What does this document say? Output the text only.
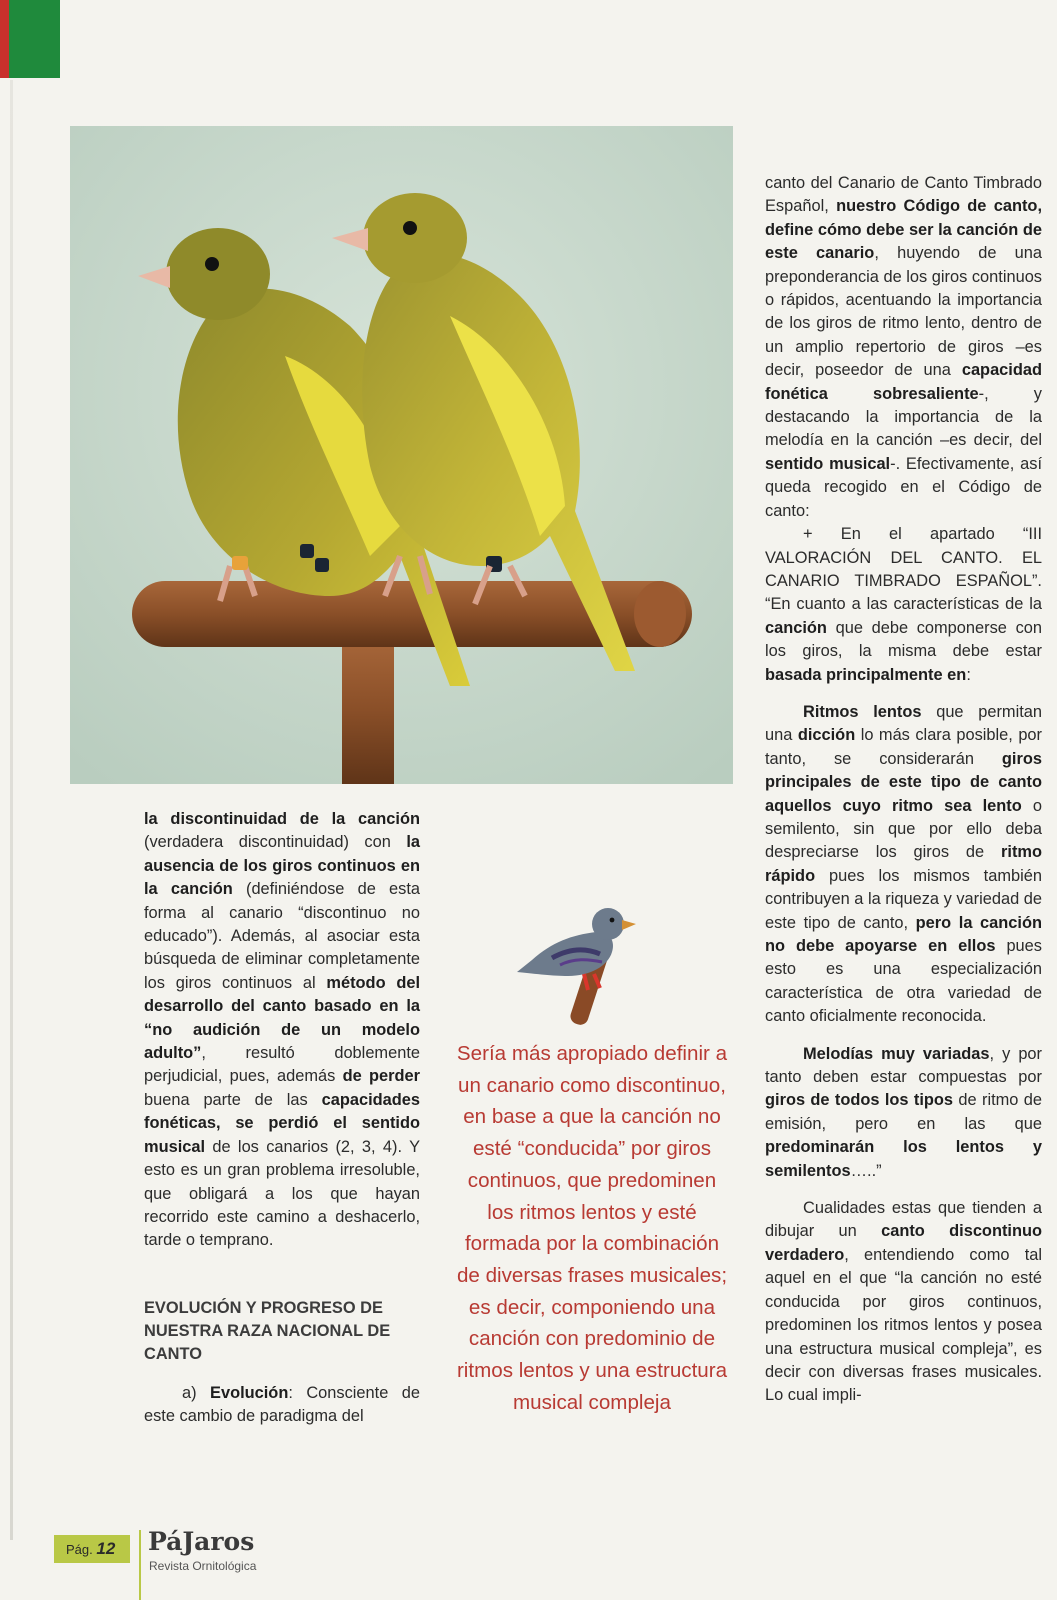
la discontinuidad de la canción (verdadera discontinuidad) con la ausencia de los giros continuos en la canción (definiéndose de esta forma al canario “discontinuo no educado”). Además, al asociar esta búsqueda de eliminar completamente los giros continuos al método del desarrollo del canto basado en la “no audición de un modelo adulto”, resultó doblemente perjudicial, pues, además de perder buena parte de las capacidades fonéticas, se perdió el sentido musical de los canarios (2, 3, 4). Y esto es un gran problema irresoluble, que obligará a los que hayan recorrido este camino a deshacerlo, tarde o temprano.

EVOLUCIÓN Y PROGRESO DE NUESTRA RAZA NACIONAL DE CANTO

a) Evolución: Consciente de este cambio de paradigma del

canto del Canario de Canto Timbrado Español, nuestro Código de canto, define cómo debe ser la canción de este canario, huyendo de una preponderancia de los giros continuos o rápidos, acentuando la importancia de los giros de ritmo lento, dentro de un amplio repertorio de giros –es decir, poseedor de una capacidad fonética sobresaliente-, y destacando la importancia de la melodía en la canción –es decir, del sentido musical-. Efectivamente, así queda recogido en el Código de canto:

+ En el apartado “III VALORACIÓN DEL CANTO. EL CANARIO TIMBRADO ESPAÑOL”. “En cuanto a las características de la canción que debe componerse con los giros, la misma debe estar basada principalmente en:

Ritmos lentos que permitan una dicción lo más clara posible, por tanto, se considerarán giros principales de este tipo de canto aquellos cuyo ritmo sea lento o semilento, sin que por ello deba despreciarse los giros de ritmo rápido pues los mismos también contribuyen a la riqueza y variedad de este tipo de canto, pero la canción no debe apoyarse en ellos pues esto es una especialización característica de otra variedad de canto oficialmente reconocida.

Melodías muy variadas, y por tanto deben estar compuestas por giros de todos los tipos de ritmo de emisión, pero en las que predominarán los lentos y semilentos…..”

Cualidades estas que tienden a dibujar un canto discontinuo verdadero, entendiendo como tal aquel en el que “la canción no esté conducida por giros continuos, predominen los ritmos lentos y posea una estructura musical compleja”, es decir con diversas frases musicales. Lo cual impli-

Sería más apropiado definir a un canario como discontinuo, en base a que la canción no esté “conducida” por giros continuos, que predominen los ritmos lentos y esté formada por la combinación de diversas frases musicales; es decir, componiendo una canción con predominio de ritmos lentos y una estructura musical compleja
Pág. 12	PáJaros
Revista Ornitológica
